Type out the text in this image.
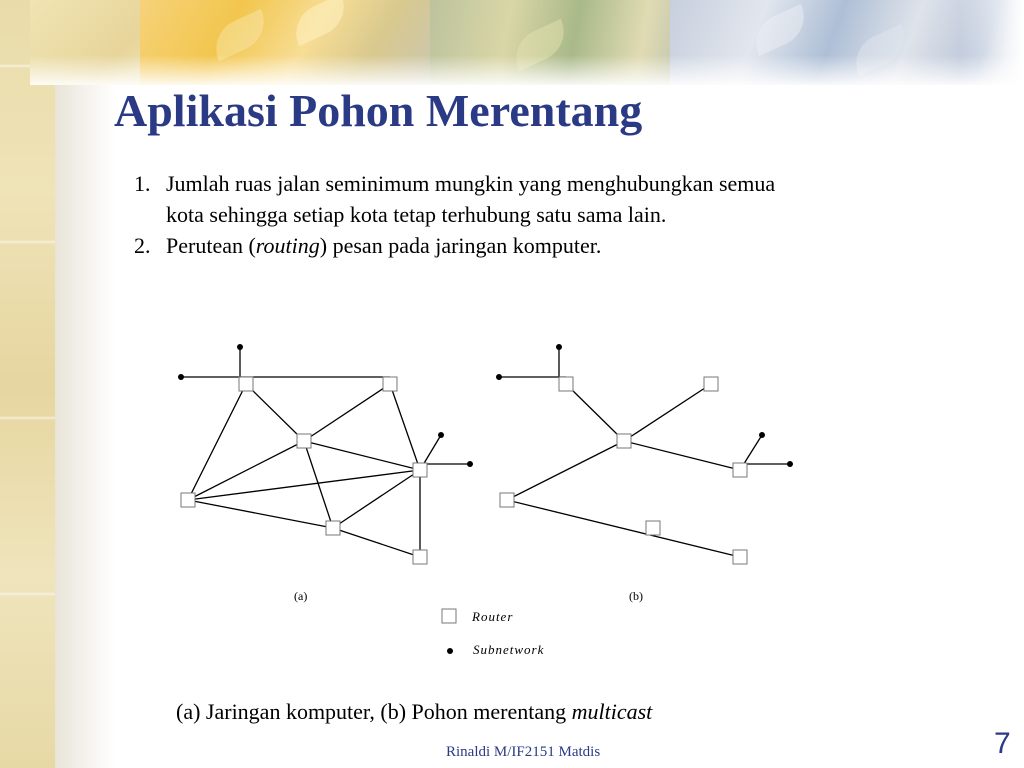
Aplikasi Pohon Merentang
1. Jumlah ruas jalan seminimum mungkin yang menghubungkan semua kota sehingga setiap kota tetap terhubung satu sama lain.
2. Perutean (routing) pesan pada jaringan komputer.
(a)	(b)
Router
Subnetwork
(a) Jaringan komputer, (b) Pohon merentang multicast
Rinaldi M/IF2151 Matdis	7
